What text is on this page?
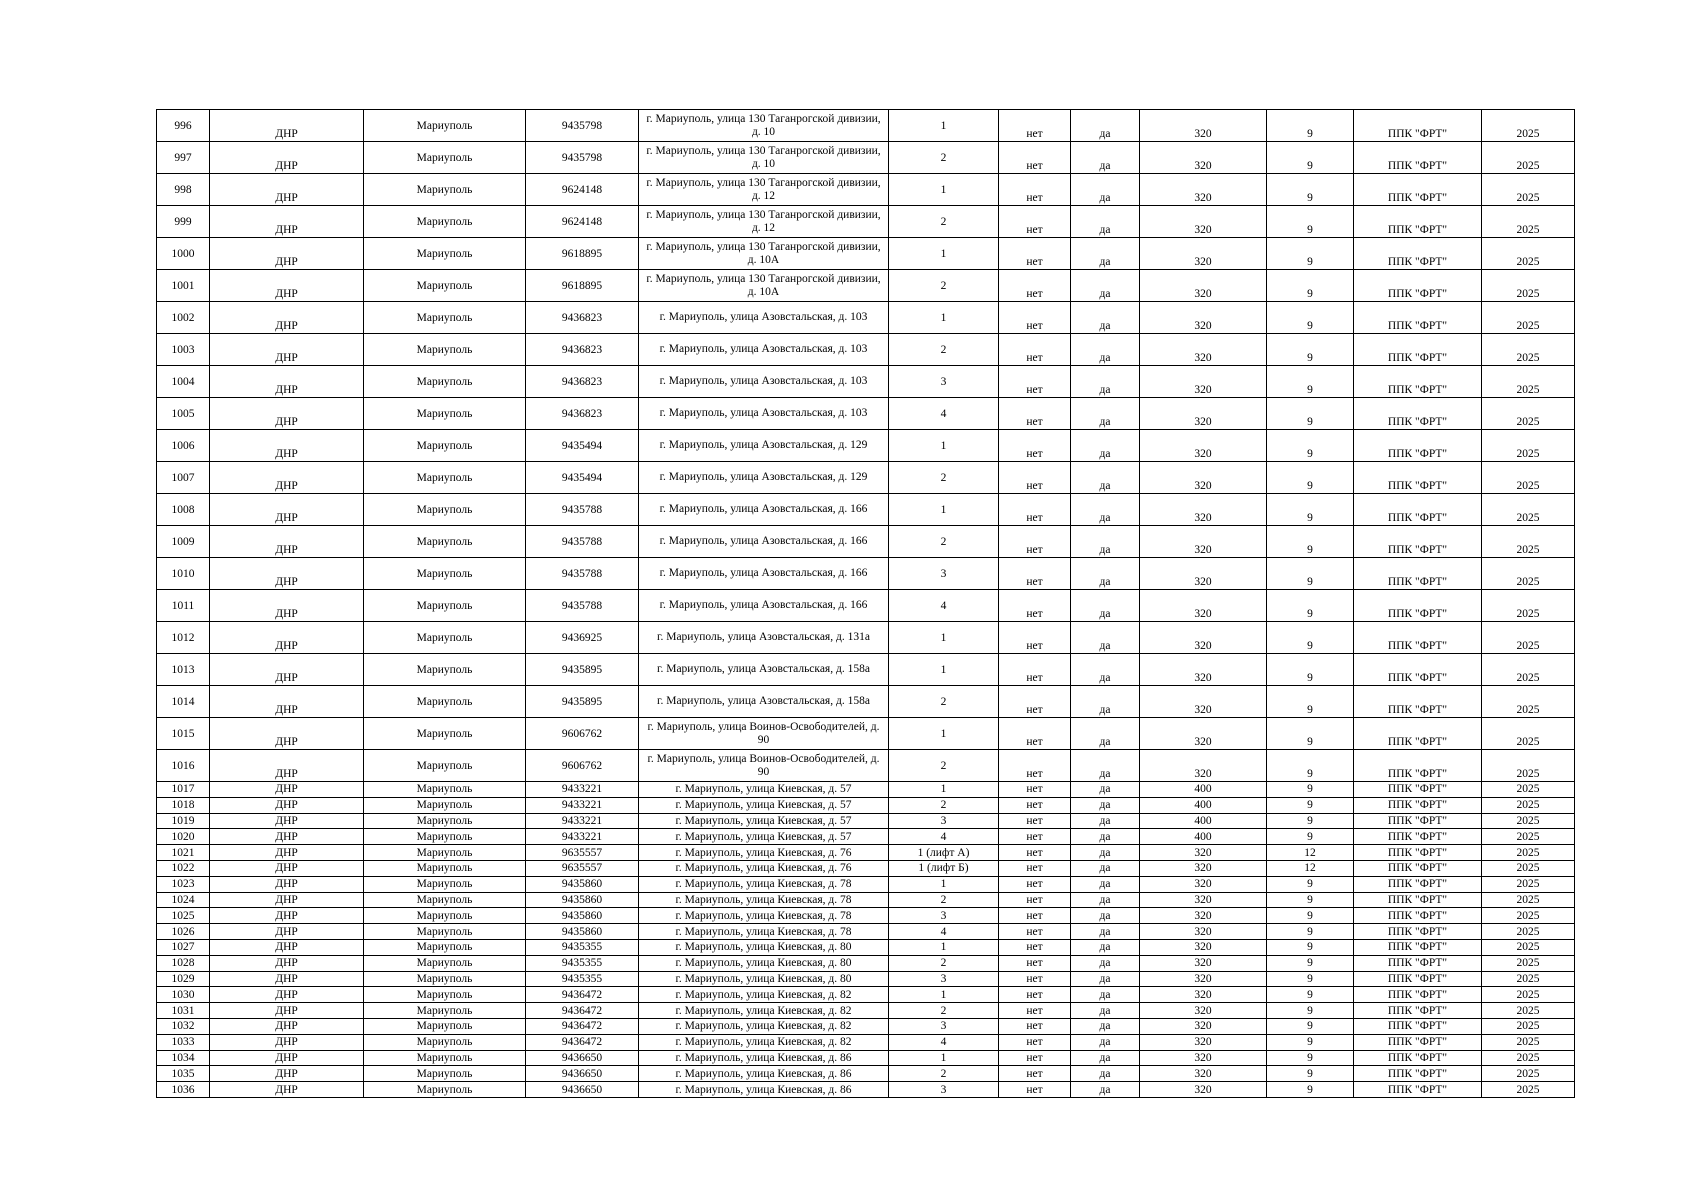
996	ДНР	Мариуполь	9435798	г. Мариуполь, улица 130 Таганрогской дивизии, д. 10	1	нет	да	320	9	ППК "ФРТ"	2025
997	ДНР	Мариуполь	9435798	г. Мариуполь, улица 130 Таганрогской дивизии, д. 10	2	нет	да	320	9	ППК "ФРТ"	2025
998	ДНР	Мариуполь	9624148	г. Мариуполь, улица 130 Таганрогской дивизии, д. 12	1	нет	да	320	9	ППК "ФРТ"	2025
999	ДНР	Мариуполь	9624148	г. Мариуполь, улица 130 Таганрогской дивизии, д. 12	2	нет	да	320	9	ППК "ФРТ"	2025
1000	ДНР	Мариуполь	9618895	г. Мариуполь, улица 130 Таганрогской дивизии, д. 10А	1	нет	да	320	9	ППК "ФРТ"	2025
1001	ДНР	Мариуполь	9618895	г. Мариуполь, улица 130 Таганрогской дивизии, д. 10А	2	нет	да	320	9	ППК "ФРТ"	2025
1002	ДНР	Мариуполь	9436823	г. Мариуполь, улица Азовстальская, д. 103	1	нет	да	320	9	ППК "ФРТ"	2025
1003	ДНР	Мариуполь	9436823	г. Мариуполь, улица Азовстальская, д. 103	2	нет	да	320	9	ППК "ФРТ"	2025
1004	ДНР	Мариуполь	9436823	г. Мариуполь, улица Азовстальская, д. 103	3	нет	да	320	9	ППК "ФРТ"	2025
1005	ДНР	Мариуполь	9436823	г. Мариуполь, улица Азовстальская, д. 103	4	нет	да	320	9	ППК "ФРТ"	2025
1006	ДНР	Мариуполь	9435494	г. Мариуполь, улица Азовстальская, д. 129	1	нет	да	320	9	ППК "ФРТ"	2025
1007	ДНР	Мариуполь	9435494	г. Мариуполь, улица Азовстальская, д. 129	2	нет	да	320	9	ППК "ФРТ"	2025
1008	ДНР	Мариуполь	9435788	г. Мариуполь, улица Азовстальская, д. 166	1	нет	да	320	9	ППК "ФРТ"	2025
1009	ДНР	Мариуполь	9435788	г. Мариуполь, улица Азовстальская, д. 166	2	нет	да	320	9	ППК "ФРТ"	2025
1010	ДНР	Мариуполь	9435788	г. Мариуполь, улица Азовстальская, д. 166	3	нет	да	320	9	ППК "ФРТ"	2025
1011	ДНР	Мариуполь	9435788	г. Мариуполь, улица Азовстальская, д. 166	4	нет	да	320	9	ППК "ФРТ"	2025
1012	ДНР	Мариуполь	9436925	г. Мариуполь, улица Азовстальская, д. 131а	1	нет	да	320	9	ППК "ФРТ"	2025
1013	ДНР	Мариуполь	9435895	г. Мариуполь, улица Азовстальская, д. 158а	1	нет	да	320	9	ППК "ФРТ"	2025
1014	ДНР	Мариуполь	9435895	г. Мариуполь, улица Азовстальская, д. 158а	2	нет	да	320	9	ППК "ФРТ"	2025
1015	ДНР	Мариуполь	9606762	г. Мариуполь, улица Воинов-Освободителей, д. 90	1	нет	да	320	9	ППК "ФРТ"	2025
1016	ДНР	Мариуполь	9606762	г. Мариуполь, улица Воинов-Освободителей, д. 90	2	нет	да	320	9	ППК "ФРТ"	2025
1017	ДНР	Мариуполь	9433221	г. Мариуполь, улица Киевская, д. 57	1	нет	да	400	9	ППК "ФРТ"	2025
1018	ДНР	Мариуполь	9433221	г. Мариуполь, улица Киевская, д. 57	2	нет	да	400	9	ППК "ФРТ"	2025
1019	ДНР	Мариуполь	9433221	г. Мариуполь, улица Киевская, д. 57	3	нет	да	400	9	ППК "ФРТ"	2025
1020	ДНР	Мариуполь	9433221	г. Мариуполь, улица Киевская, д. 57	4	нет	да	400	9	ППК "ФРТ"	2025
1021	ДНР	Мариуполь	9635557	г. Мариуполь, улица Киевская, д. 76	1 (лифт А)	нет	да	320	12	ППК "ФРТ"	2025
1022	ДНР	Мариуполь	9635557	г. Мариуполь, улица Киевская, д. 76	1 (лифт Б)	нет	да	320	12	ППК "ФРТ"	2025
1023	ДНР	Мариуполь	9435860	г. Мариуполь, улица Киевская, д. 78	1	нет	да	320	9	ППК "ФРТ"	2025
1024	ДНР	Мариуполь	9435860	г. Мариуполь, улица Киевская, д. 78	2	нет	да	320	9	ППК "ФРТ"	2025
1025	ДНР	Мариуполь	9435860	г. Мариуполь, улица Киевская, д. 78	3	нет	да	320	9	ППК "ФРТ"	2025
1026	ДНР	Мариуполь	9435860	г. Мариуполь, улица Киевская, д. 78	4	нет	да	320	9	ППК "ФРТ"	2025
1027	ДНР	Мариуполь	9435355	г. Мариуполь, улица Киевская, д. 80	1	нет	да	320	9	ППК "ФРТ"	2025
1028	ДНР	Мариуполь	9435355	г. Мариуполь, улица Киевская, д. 80	2	нет	да	320	9	ППК "ФРТ"	2025
1029	ДНР	Мариуполь	9435355	г. Мариуполь, улица Киевская, д. 80	3	нет	да	320	9	ППК "ФРТ"	2025
1030	ДНР	Мариуполь	9436472	г. Мариуполь, улица Киевская, д. 82	1	нет	да	320	9	ППК "ФРТ"	2025
1031	ДНР	Мариуполь	9436472	г. Мариуполь, улица Киевская, д. 82	2	нет	да	320	9	ППК "ФРТ"	2025
1032	ДНР	Мариуполь	9436472	г. Мариуполь, улица Киевская, д. 82	3	нет	да	320	9	ППК "ФРТ"	2025
1033	ДНР	Мариуполь	9436472	г. Мариуполь, улица Киевская, д. 82	4	нет	да	320	9	ППК "ФРТ"	2025
1034	ДНР	Мариуполь	9436650	г. Мариуполь, улица Киевская, д. 86	1	нет	да	320	9	ППК "ФРТ"	2025
1035	ДНР	Мариуполь	9436650	г. Мариуполь, улица Киевская, д. 86	2	нет	да	320	9	ППК "ФРТ"	2025
1036	ДНР	Мариуполь	9436650	г. Мариуполь, улица Киевская, д. 86	3	нет	да	320	9	ППК "ФРТ"	2025
